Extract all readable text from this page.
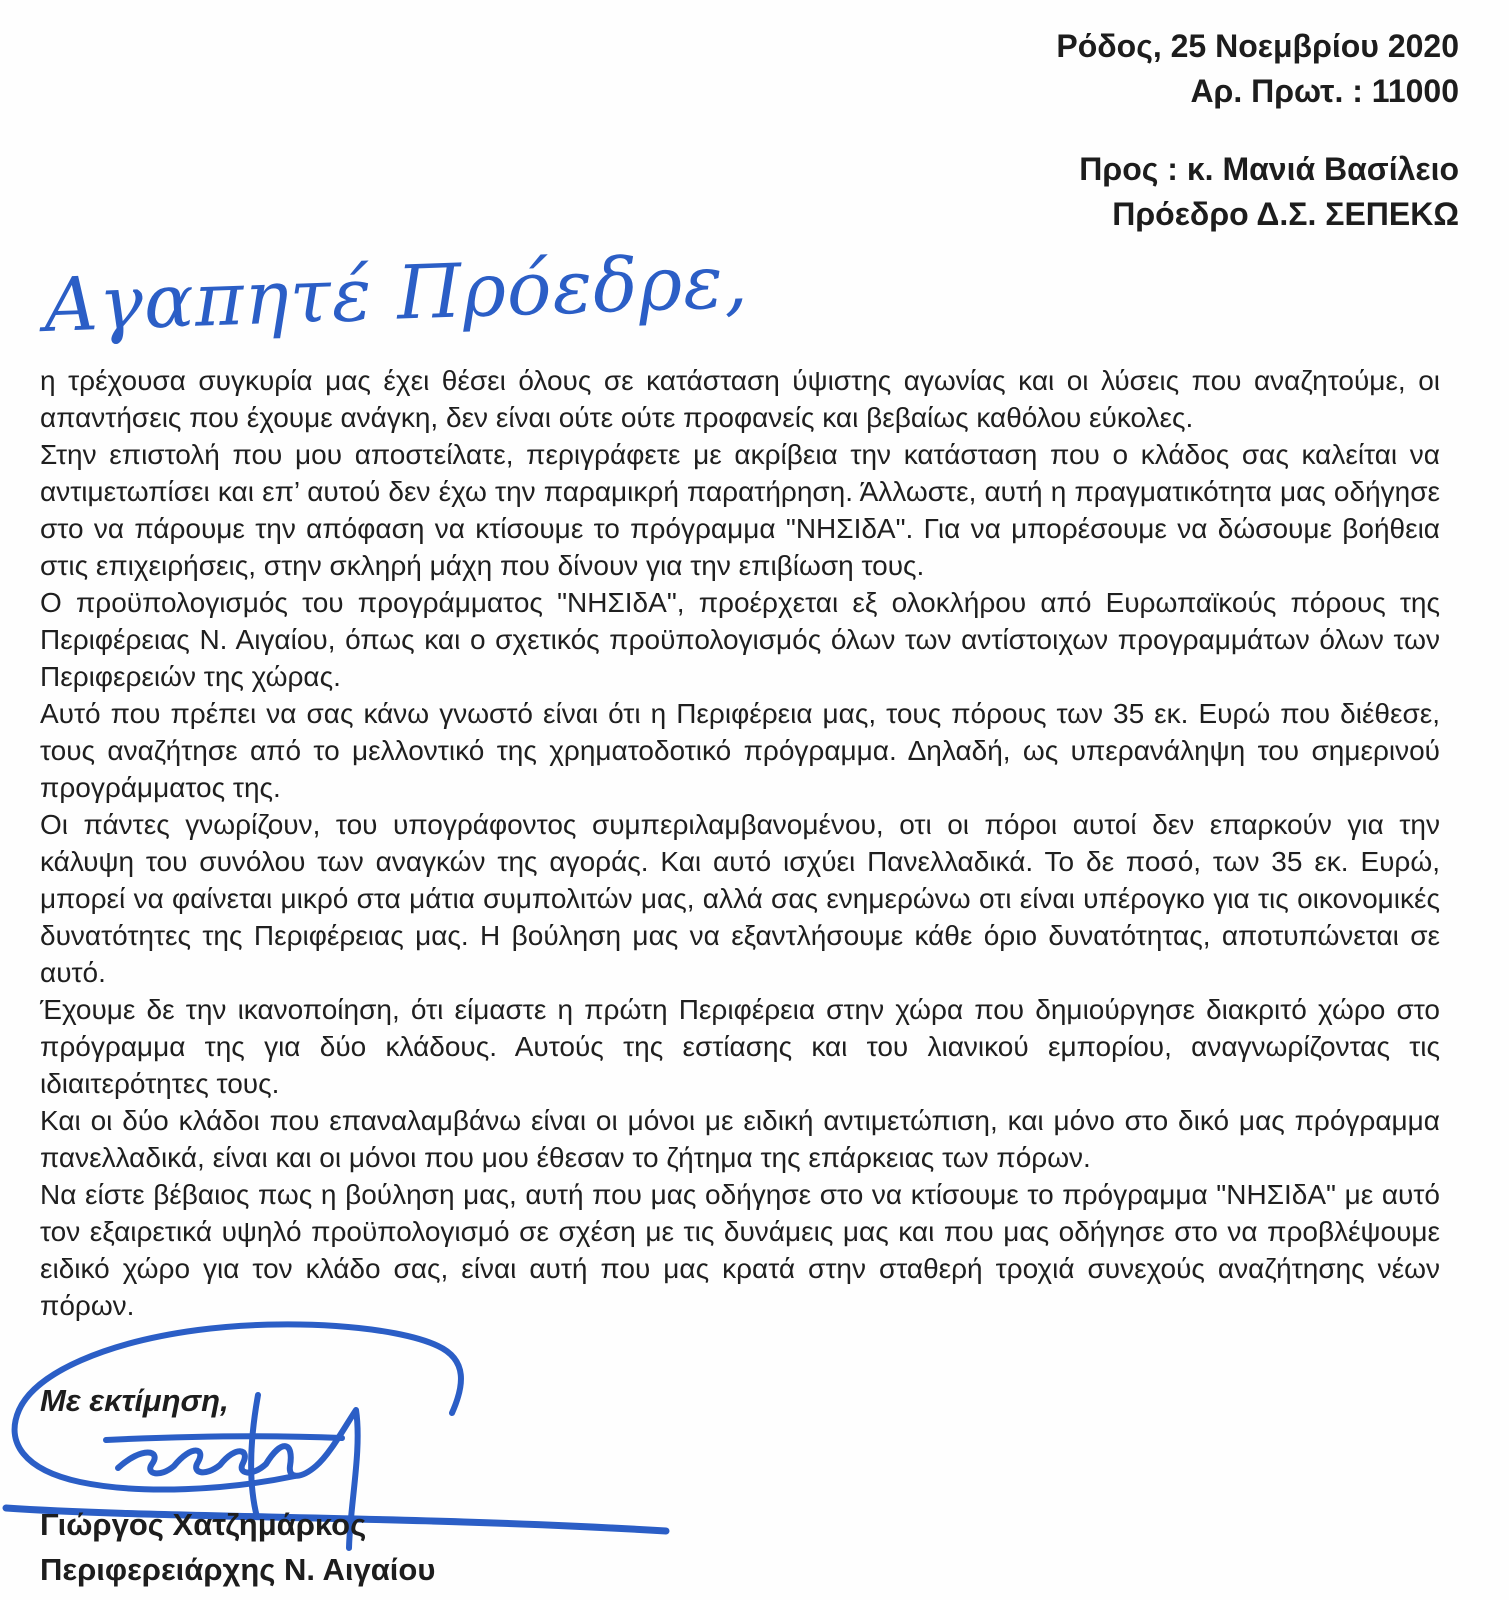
Ρόδος, 25 Νοεμβρίου 2020
Αρ. Πρωτ. : 11000
Προς : κ. Μανιά Βασίλειο
Πρόεδρο Δ.Σ. ΣΕΠΕΚΩ
Αγαπητέ Πρόεδρε,

η τρέχουσα συγκυρία μας έχει θέσει όλους σε κατάσταση ύψιστης αγωνίας και οι λύσεις που αναζητούμε, οι απαντήσεις που έχουμε ανάγκη, δεν είναι ούτε ούτε προφανείς και βεβαίως καθόλου εύκολες.

Στην επιστολή που μου αποστείλατε, περιγράφετε με ακρίβεια την κατάσταση που ο κλάδος σας καλείται να αντιμετωπίσει και επ’ αυτού δεν έχω την παραμικρή παρατήρηση. Άλλωστε, αυτή η πραγματικότητα μας οδήγησε στο να πάρουμε την απόφαση να κτίσουμε το πρόγραμμα "ΝΗΣΙδΑ". Για να μπορέσουμε να δώσουμε βοήθεια στις επιχειρήσεις, στην σκληρή μάχη που δίνουν για την επιβίωση τους.

Ο προϋπολογισμός του προγράμματος "ΝΗΣΙδΑ", προέρχεται εξ ολοκλήρου από Ευρωπαϊκούς πόρους της Περιφέρειας Ν. Αιγαίου, όπως και ο σχετικός προϋπολογισμός όλων των αντίστοιχων προγραμμάτων όλων των Περιφερειών της χώρας.

Αυτό που πρέπει να σας κάνω γνωστό είναι ότι η Περιφέρεια μας, τους πόρους των 35 εκ. Ευρώ που διέθεσε, τους αναζήτησε από το μελλοντικό της χρηματοδοτικό πρόγραμμα. Δηλαδή, ως υπερανάληψη του σημερινού προγράμματος της.

Οι πάντες γνωρίζουν, του υπογράφοντος συμπεριλαμβανομένου, οτι οι πόροι αυτοί δεν επαρκούν για την κάλυψη του συνόλου των αναγκών της αγοράς. Και αυτό ισχύει Πανελλαδικά. Το δε ποσό, των 35 εκ. Ευρώ, μπορεί να φαίνεται μικρό στα μάτια συμπολιτών μας, αλλά σας ενημερώνω οτι είναι υπέρογκο για τις οικονομικές δυνατότητες της Περιφέρειας μας. Η βούληση μας να εξαντλήσουμε κάθε όριο δυνατότητας, αποτυπώνεται σε αυτό.

Έχουμε δε την ικανοποίηση, ότι είμαστε η πρώτη Περιφέρεια στην χώρα που δημιούργησε διακριτό χώρο στο πρόγραμμα της για δύο κλάδους. Αυτούς της εστίασης και του λιανικού εμπορίου, αναγνωρίζοντας τις ιδιαιτερότητες τους.

Και οι δύο κλάδοι που επαναλαμβάνω είναι οι μόνοι με ειδική αντιμετώπιση, και μόνο στο δικό μας πρόγραμμα πανελλαδικά, είναι και οι μόνοι που μου έθεσαν το ζήτημα της επάρκειας των πόρων.

Να είστε βέβαιος πως η βούληση μας, αυτή που μας οδήγησε στο να κτίσουμε το πρόγραμμα "ΝΗΣΙδΑ" με αυτό τον εξαιρετικά υψηλό προϋπολογισμό σε σχέση με τις δυνάμεις μας και που μας οδήγησε στο να προβλέψουμε ειδικό χώρο για τον κλάδο σας, είναι αυτή που μας κρατά στην σταθερή τροχιά συνεχούς αναζήτησης νέων πόρων.

Με εκτίμηση,
Γιώργος Χατζημάρκος
Περιφερειάρχης Ν. Αιγαίου
